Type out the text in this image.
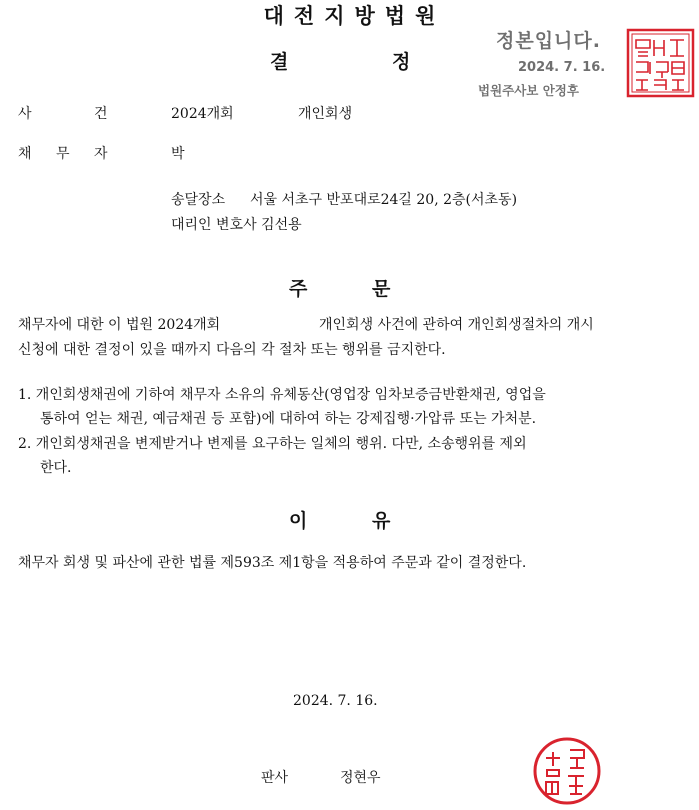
대전지방법원
결	정
정본입니다.
2024. 7. 16.
법원주사보 안정후
사	건	2024개회	개인회생
채 무 자	박
송달장소 서울 서초구 반포대로24길 20, 2층(서초동)
대리인 변호사 김선용
주	문
채무자에 대한 이 법원 2024개회	개인회생 사건에 관하여 개인회생절차의 개시
신청에 대한 결정이 있을 때까지 다음의 각 절차 또는 행위를 금지한다.
1. 개인회생채권에 기하여 채무자 소유의 유체동산(영업장 임차보증금반환채권, 영업을
통하여 얻는 채권, 예금채권 등 포함)에 대하여 하는 강제집행·가압류 또는 가처분.
2. 개인회생채권을 변제받거나 변제를 요구하는 일체의 행위. 다만, 소송행위를 제외
한다.
이	유
채무자 회생 및 파산에 관한 법률 제593조 제1항을 적용하여 주문과 같이 결정한다.
2024. 7. 16.
판사	정현우
